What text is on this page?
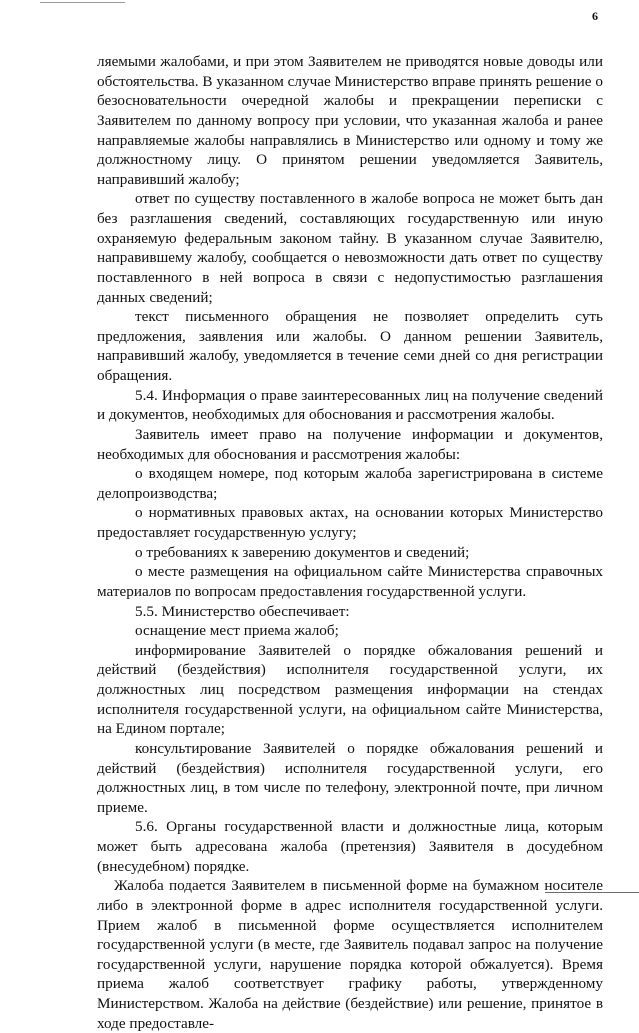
6

ляемыми жалобами, и при этом Заявителем не приводятся новые доводы или обстоятельства. В указанном случае Министерство вправе принять решение о безосновательности очередной жалобы и прекращении переписки с Заявителем по данному вопросу при условии, что указанная жалоба и ранее направляемые жалобы направлялись в Министерство или одному и тому же должностному лицу. О принятом решении уведомляется Заявитель, направивший жалобу;

ответ по существу поставленного в жалобе вопроса не может быть дан без разглашения сведений, составляющих государственную или иную охраняемую федеральным законом тайну. В указанном случае Заявителю, направившему жалобу, сообщается о невозможности дать ответ по существу поставленного в ней вопроса в связи с недопустимостью разглашения данных сведений;

текст письменного обращения не позволяет определить суть предложения, заявления или жалобы. О данном решении Заявитель, направивший жалобу, уведомляется в течение семи дней со дня регистрации обращения.

5.4. Информация о праве заинтересованных лиц на получение сведений и документов, необходимых для обоснования и рассмотрения жалобы.

Заявитель имеет право на получение информации и документов, необходимых для обоснования и рассмотрения жалобы:

о входящем номере, под которым жалоба зарегистрирована в системе делопроизводства;

о нормативных правовых актах, на основании которых Министерство предоставляет государственную услугу;

о требованиях к заверению документов и сведений;

о месте размещения на официальном сайте Министерства справочных материалов по вопросам предоставления государственной услуги.

5.5. Министерство обеспечивает:

оснащение мест приема жалоб;

информирование Заявителей о порядке обжалования решений и действий (бездействия) исполнителя государственной услуги, их должностных лиц посредством размещения информации на стендах исполнителя государственной услуги, на официальном сайте Министерства, на Едином портале;

консультирование Заявителей о порядке обжалования решений и действий (бездействия) исполнителя государственной услуги, его должностных лиц, в том числе по телефону, электронной почте, при личном приеме.

5.6. Органы государственной власти и должностные лица, которым может быть адресована жалоба (претензия) Заявителя в досудебном (внесудебном) порядке.

Жалоба подается Заявителем в письменной форме на бумажном носителе либо в электронной форме в адрес исполнителя государственной услуги. Прием жалоб в письменной форме осуществляется исполнителем государственной услуги (в месте, где Заявитель подавал запрос на получение государственной услуги, нарушение порядка которой обжалуется). Время приема жалоб соответствует графику работы, утвержденному Министерством. Жалоба на действие (бездействие) или решение, принятое в ходе предоставле-
